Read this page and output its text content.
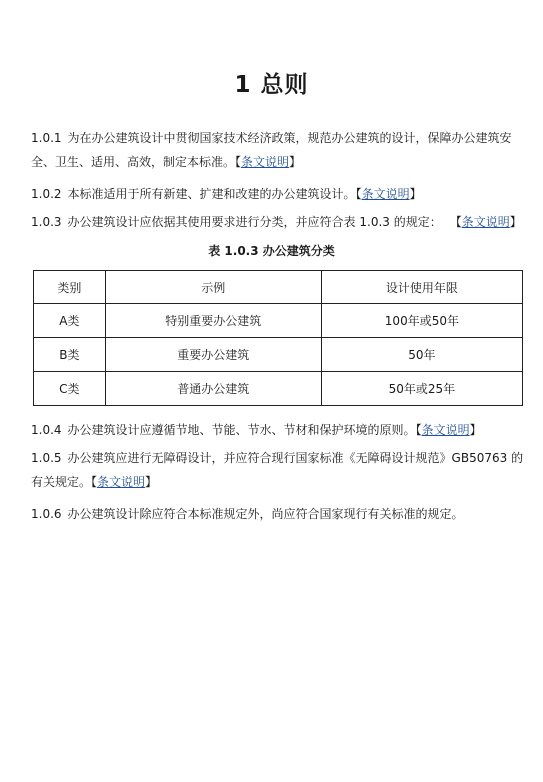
1 总则

1.0.1 为在办公建筑设计中贯彻国家技术经济政策，规范办公建筑的设计，保障办公建筑安全、卫生、适用、高效，制定本标准。【条文说明】

1.0.2 本标准适用于所有新建、扩建和改建的办公建筑设计。【条文说明】

1.0.3 办公建筑设计应依据其使用要求进行分类，并应符合表 1.0.3 的规定： 【条文说明】

表 1.0.3 办公建筑分类
类别	示例	设计使用年限
A类	特别重要办公建筑	100年或50年
B类	重要办公建筑	50年
C类	普通办公建筑	50年或25年

1.0.4 办公建筑设计应遵循节地、节能、节水、节材和保护环境的原则。【条文说明】

1.0.5 办公建筑应进行无障碍设计，并应符合现行国家标准《无障碍设计规范》GB50763 的有关规定。【条文说明】

1.0.6 办公建筑设计除应符合本标准规定外，尚应符合国家现行有关标准的规定。
